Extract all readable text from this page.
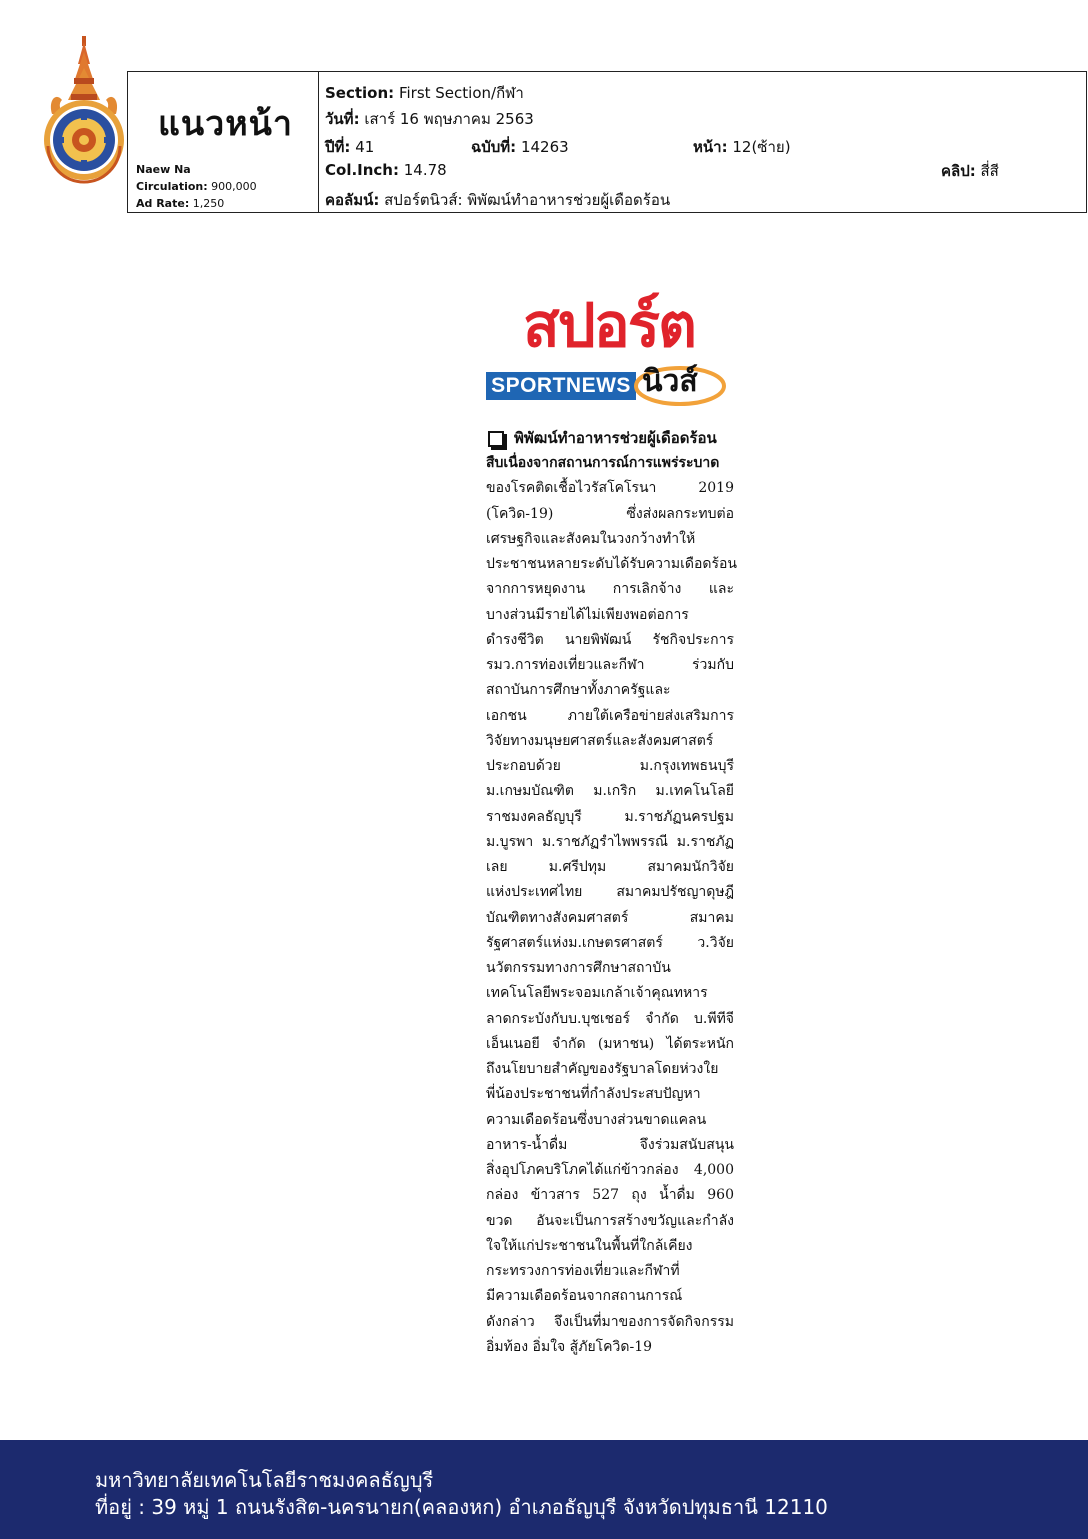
แนวหน้า
Naew Na
Circulation: 900,000
Ad Rate: 1,250
Section: First Section/กีฬา
วันที่: เสาร์ 16 พฤษภาคม 2563
ปีที่: 41	ฉบับที่: 14263	หน้า: 12(ซ้าย)
Col.Inch: 14.78	คลิป: สี่สี
คอลัมน์: สปอร์ตนิวส์: พิพัฒน์ทำอาหารช่วยผู้เดือดร้อน
สปอร์ต
SPORTNEWS นิวส์
พิพัฒน์ทำอาหารช่วยผู้เดือดร้อน
สืบเนื่องจากสถานการณ์การแพร่ระบาด
ของโรคติดเชื้อไวรัสโคโรนา 2019
(โควิด-19) ซึ่งส่งผลกระทบต่อ
เศรษฐกิจและสังคมในวงกว้างทำให้
ประชาชนหลายระดับได้รับความเดือดร้อน
จากการหยุดงาน การเลิกจ้าง และ
บางส่วนมีรายได้ไม่เพียงพอต่อการ
ดำรงชีวิต นายพิพัฒน์ รัชกิจประการ
รมว.การท่องเที่ยวและกีฬา ร่วมกับ
สถาบันการศึกษาทั้งภาครัฐและ
เอกชน ภายใต้เครือข่ายส่งเสริมการ
วิจัยทางมนุษยศาสตร์และสังคมศาสตร์
ประกอบด้วย ม.กรุงเทพธนบุรี
ม.เกษมบัณฑิต ม.เกริก ม.เทคโนโลยี
ราชมงคลธัญบุรี ม.ราชภัฏนครปฐม
ม.บูรพา ม.ราชภัฏรำไพพรรณี ม.ราชภัฏ
เลย ม.ศรีปทุม สมาคมนักวิจัย
แห่งประเทศไทย สมาคมปรัชญาดุษฎี
บัณฑิตทางสังคมศาสตร์ สมาคม
รัฐศาสตร์แห่งม.เกษตรศาสตร์ ว.วิจัย
นวัตกรรมทางการศึกษาสถาบัน
เทคโนโลยีพระจอมเกล้าเจ้าคุณทหาร
ลาดกระบังกับบ.บุชเชอร์ จำกัด บ.พีทีจี
เอ็นเนอยี จำกัด (มหาชน) ได้ตระหนัก
ถึงนโยบายสำคัญของรัฐบาลโดยห่วงใย
พี่น้องประชาชนที่กำลังประสบปัญหา
ความเดือดร้อนซึ่งบางส่วนขาดแคลน
อาหาร-น้ำดื่ม จึงร่วมสนับสนุน
สิ่งอุปโภคบริโภคได้แก่ข้าวกล่อง 4,000
กล่อง ข้าวสาร 527 ถุง น้ำดื่ม 960
ขวด อันจะเป็นการสร้างขวัญและกำลัง
ใจให้แก่ประชาชนในพื้นที่ใกล้เคียง
กระทรวงการท่องเที่ยวและกีฬาที่
มีความเดือดร้อนจากสถานการณ์
ดังกล่าว จึงเป็นที่มาของการจัดกิจกรรม
อิ่มท้อง อิ่มใจ สู้ภัยโควิด-19
มหาวิทยาลัยเทคโนโลยีราชมงคลธัญบุรี
ที่อยู่ : 39 หมู่ 1 ถนนรังสิต-นครนายก(คลองหก) อำเภอธัญบุรี จังหวัดปทุมธานี 12110
